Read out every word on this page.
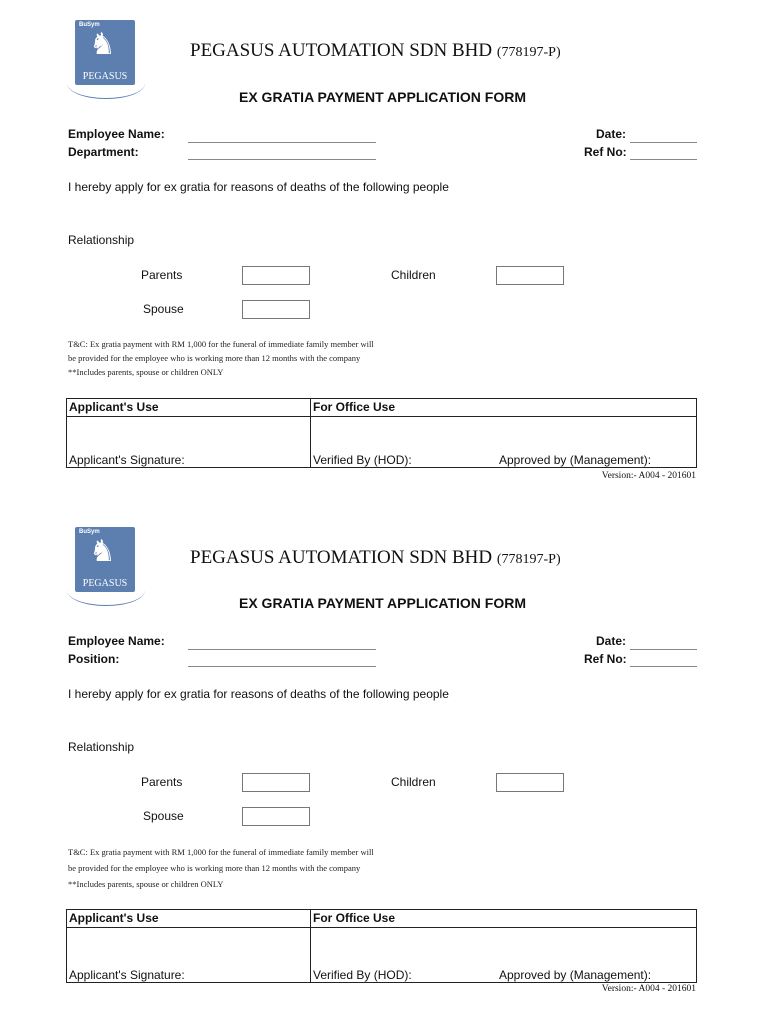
BuSym
♞
PEGASUS
PEGASUS AUTOMATION SDN BHD (778197-P)
EX GRATIA PAYMENT APPLICATION FORM
Employee Name:
Department:
Date:
Ref No:
I hereby apply for ex gratia for reasons of deaths of the following people
Relationship
Parents	Children
Spouse
T&C: Ex gratia payment with RM 1,000 for the funeral of immediate family member will
be provided for the employee who is working more than 12 months with the company
**Includes parents, spouse or children ONLY
Applicant's Use	For Office Use
Applicant's Signature:	Verified By (HOD):	Approved by (Management):
Version:- A004 - 201601
BuSym
♞
PEGASUS
PEGASUS AUTOMATION SDN BHD (778197-P)
EX GRATIA PAYMENT APPLICATION FORM
Employee Name:
Position:
Date:
Ref No:
I hereby apply for ex gratia for reasons of deaths of the following people
Relationship
Parents	Children
Spouse
T&C: Ex gratia payment with RM 1,000 for the funeral of immediate family member will
be provided for the employee who is working more than 12 months with the company
**Includes parents, spouse or children ONLY
Applicant's Use	For Office Use
Applicant's Signature:	Verified By (HOD):	Approved by (Management):
Version:- A004 - 201601
